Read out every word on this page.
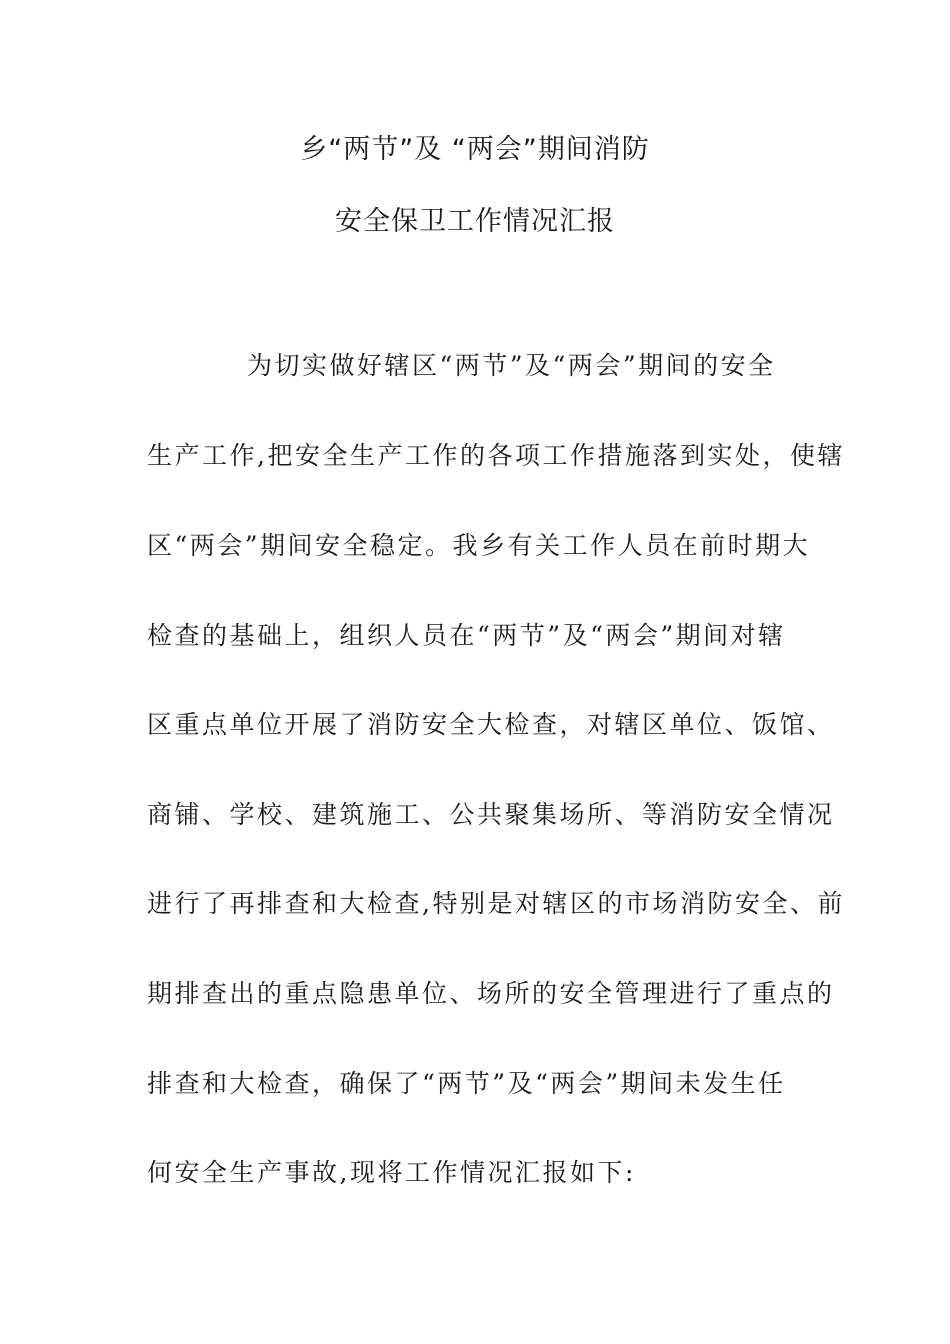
乡“两节”及 “两会”期间消防
安全保卫工作情况汇报
为切实做好辖区“两节”及“两会”期间的安全
生产工作,把安全生产工作的各项工作措施落到实处，使辖
区“两会”期间安全稳定。我乡有关工作人员在前时期大
检查的基础上，组织人员在“两节”及“两会”期间对辖
区重点单位开展了消防安全大检查，对辖区单位、饭馆、
商铺、学校、建筑施工、公共聚集场所、等消防安全情况
进行了再排查和大检查,特别是对辖区的市场消防安全、前
期排查出的重点隐患单位、场所的安全管理进行了重点的
排查和大检查，确保了“两节”及“两会”期间未发生任
何安全生产事故,现将工作情况汇报如下:
